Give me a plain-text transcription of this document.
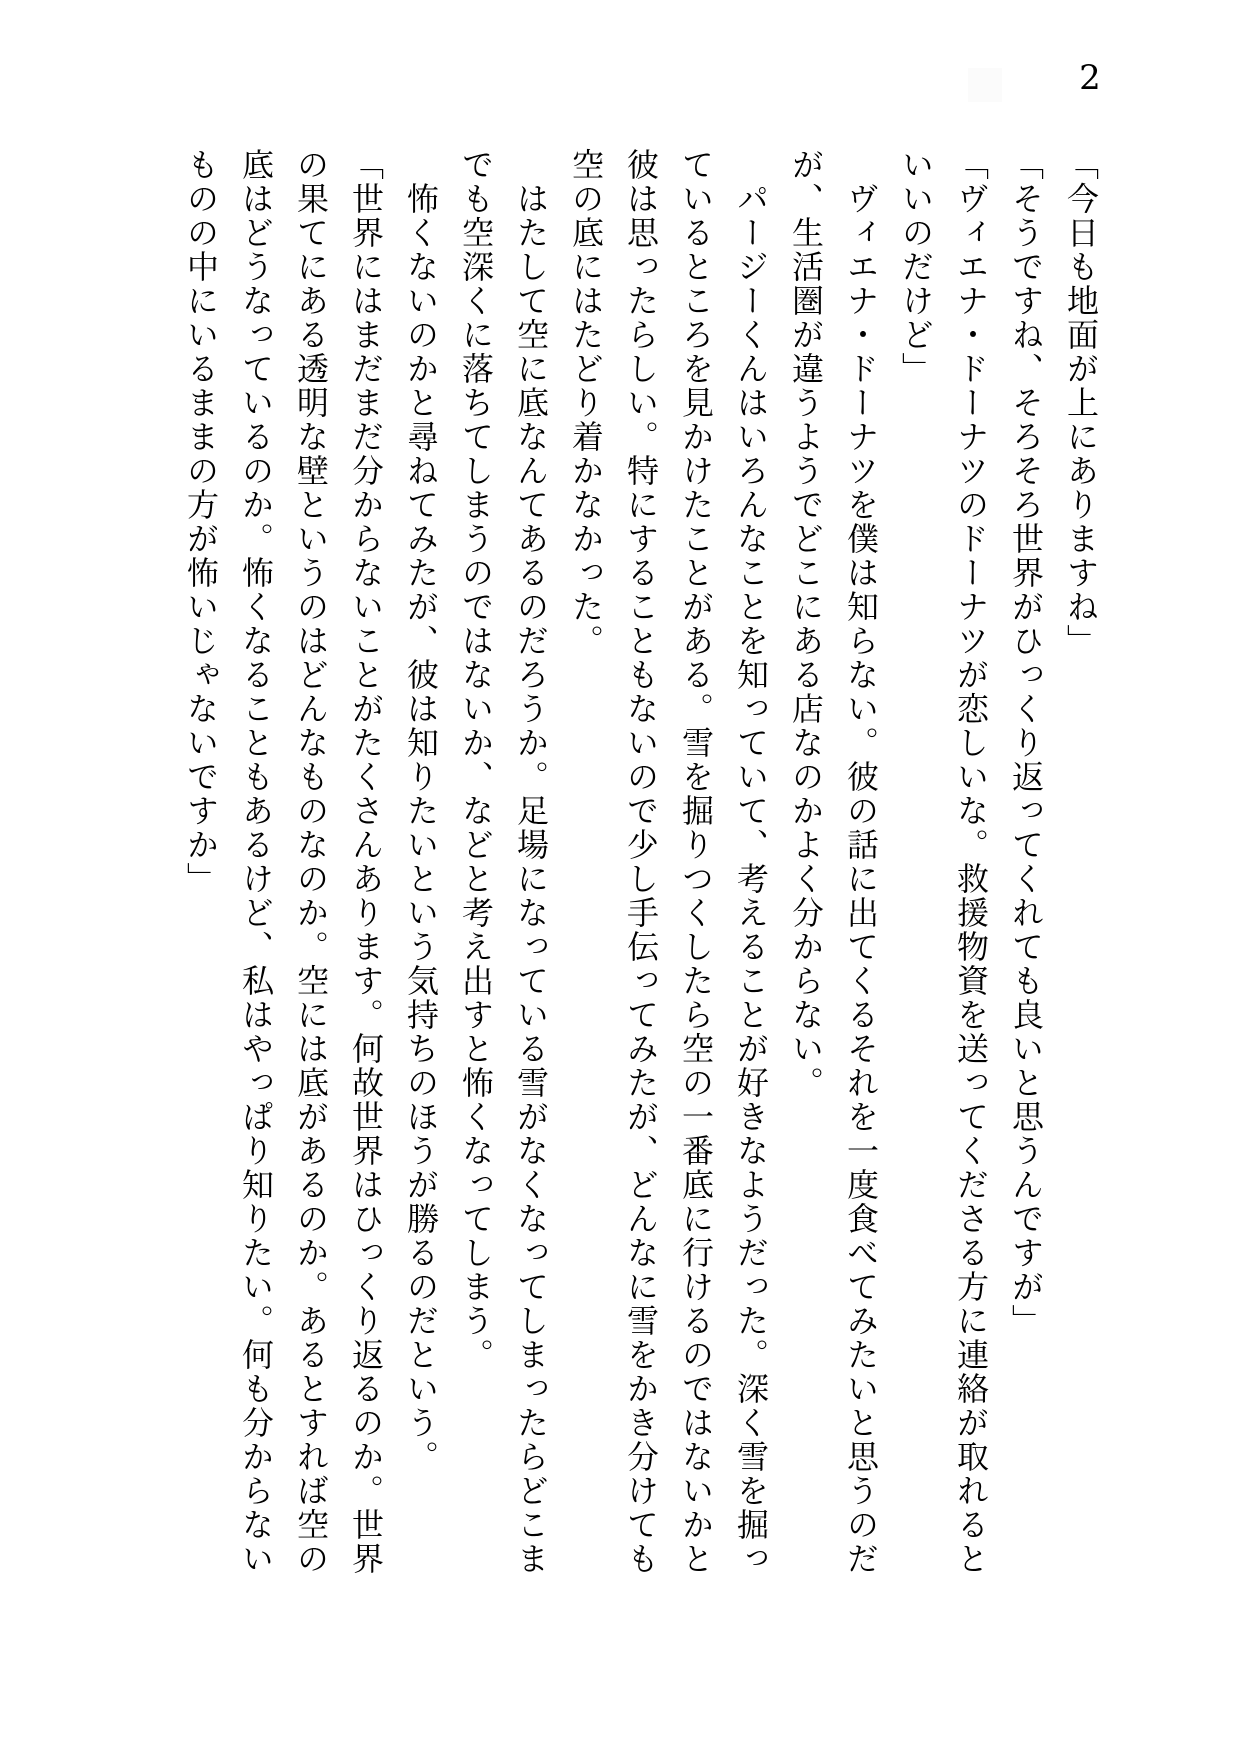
2

「今日も地面が上にありますね」

「そうですね、そろそろ世界がひっくり返ってくれても良いと思うんですが」

「ヴィエナ・ドーナツのドーナツが恋しいな。救援物資を送ってくださる方に連絡が取れるといいのだけど」

ヴィエナ・ドーナツを僕は知らない。彼の話に出てくるそれを一度食べてみたいと思うのだが、生活圏が違うようでどこにある店なのかよく分からない。

パージーくんはいろんなことを知っていて、考えることが好きなようだった。深く雪を掘っているところを見かけたことがある。雪を掘りつくしたら空の一番底に行けるのではないかと彼は思ったらしい。特にすることもないので少し手伝ってみたが、どんなに雪をかき分けても空の底にはたどり着かなかった。

はたして空に底なんてあるのだろうか。足場になっている雪がなくなってしまったらどこまでも空深くに落ちてしまうのではないか、などと考え出すと怖くなってしまう。

怖くないのかと尋ねてみたが、彼は知りたいという気持ちのほうが勝るのだという。

「世界にはまだまだ分からないことがたくさんあります。何故世界はひっくり返るのか。世界の果てにある透明な壁というのはどんなものなのか。空には底があるのか。あるとすれば空の底はどうなっているのか。怖くなることもあるけど、私はやっぱり知りたい。何も分からないものの中にいるままの方が怖いじゃないですか」
